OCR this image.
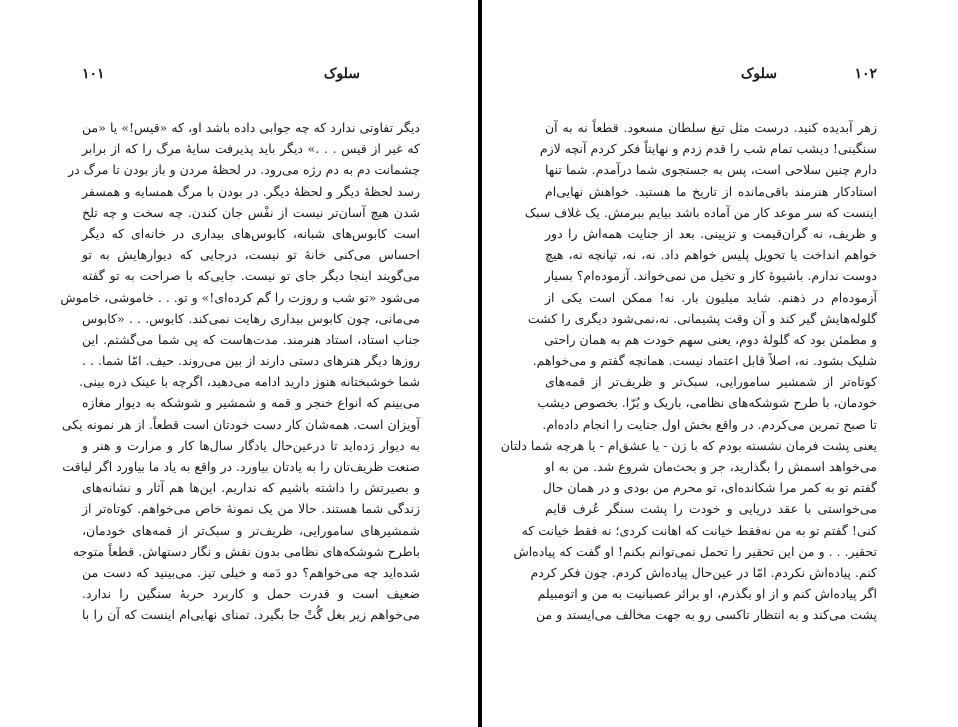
۱۰۱	سلوک
دیگر تفاوتی ندارد که چه جوابی داده باشد او، که «قیس!» یا «من
که غیر از قیس . . .» دیگر باید پذیرفت سایهٔ مرگ را که از برابر
چشمانت دم به دم رژه می‌رود. در لحظهٔ مردن و باز بودن تا مرگ در
رسد لحظهٔ دیگر و لحظهٔ دیگر. در بودن با مرگ همسایه و همسفر
شدن هیچ آسان‌تر نیست از نفْس جان کندن. چه سخت و چه تلخ
است کابوس‌های شبانه، کابوس‌های بیداری در خانه‌ای که دیگر
احساس می‌کنی خانهٔ تو نیست، درجایی که دیوارهایش به تو
می‌گویند اینجا دیگر جای تو نیست. جایی‌که با صراحت به تو گفته
می‌شود «تو شب و روزت را گم کرده‌ای!» و تو. . . خاموشی، خاموش
می‌مانی، چون کابوس بیداری رهایت نمی‌کند. کابوس. . . «کابوس
جناب استاد، استاد هنرمند. مدت‌هاست که پی شما می‌گشتم. این
روزها دیگر هنرهای دستی دارند از بین می‌روند. حیف. امّا شما. . .
شما خوشبختانه هنوز دارید ادامه می‌دهید، اگرچه با عینک ذره بینی.
می‌بینم که انواع خنجر و قمه و شمشیر و شوشکه به دیوار مغازه
آویزان است. همه‌شان کار دست خودتان است قطعاً. از هر نمونه یکی
به دیوار زده‌اید تا درعین‌حال یادگار سال‌ها کار و مرارت و هنر و
صنعت ظریف‌تان را به یادتان بیاورد. در واقع به یاد ما بیاورد اگر لیاقت
و بصیرتش را داشته باشیم که نداریم. این‌ها هم آثار و نشانه‌های
زندگی شما هستند. حالا من یک نمونهٔ خاص می‌خواهم. کوتاه‌تر از
شمشیرهای سامورایی، ظریف‌تر و سبک‌تر از قمه‌های خودمان،
باطرح شوشکه‌های نظامی بدون نقش و نگار دستهاش. قطعاً متوجه
شده‌اید چه می‌خواهم؟ دو دَمه و خیلی تیز. می‌بینید که دست من
ضعیف است و قدرت حمل و کاربرد حربهٔ سنگین را ندارد.
می‌خواهم زیر بغل گُتْ جا بگیرد. تمنای نهایی‌ام اینست که آن را با
۱۰۲
سلوک
زهر آبدیده کنید. درست مثل تیغ سلطان مسعود. قطعاً نه به آن
سنگینی! دیشب تمام شب را قدم زدم و نهایتاً فکر کردم آنچه لازم
دارم چنین سلاحی است، پس به جستجوی شما درآمدم. شما تنها
استادکار هنرمند باقی‌مانده از تاریخ ما هستید. خواهش نهایی‌ام
اینست که سر موعد کار من آماده باشد بیایم ببرمش. یک غلاف سبک
و ظریف، نه گران‌قیمت و تزیینی. بعد از جنایت همه‌اش را دور
خواهم انداخت یا تحویل پلیس خواهم داد. نه، نه، تپانچه نه، هیچ
دوست ندارم. باشیوهٔ کار و تخیل من نمی‌خواند. آزموده‌ام؟ بسیار
آزموده‌ام در ذهنم. شاید میلیون بار. نه! ممکن است یکی از
گلوله‌هایش گیر کند و آن وقت پشیمانی. نه،نمی‌شود دیگری را کشت
و مطمئن بود که گلولهٔ دوم، یعنی سهم خودت هم به همان راحتی
شلیک بشود. نه، اصلاً قابل اعتماد نیست. همانچه گفتم و می‌خواهم.
کوتاه‌تر از شمشیر سامورایی، سبک‌تر و ظریف‌تر از قمه‌های
خودمان، با طرح شوشکه‌های نظامی، باریک و بُرّا. بخصوص دیشب
تا صبح تمرین می‌کردم. در واقع بخش اول جنایت را انجام داده‌ام.
یعنی پشت فرمان نشسته بودم که با زن - یا عشق‌ام - یا هرچه شما دلتان
می‌خواهد اسمش را بگذارید، جر و بحث‌مان شروع شد. من به او
گفتم تو به کمر مرا شکانده‌ای، تو محرم من بودی و در همان حال
می‌خواستی با عقد دریایی و خودت را پشت سنگر عُرف قایم
کنی! گفتم تو به من نه‌فقط خیانت که اهانت کردی؛ نه فقط خیانت که
تحقیر. . . و من این تحقیر را تحمل نمی‌توانم بکنم! او گفت که پیاده‌اش
کنم. پیاده‌اش نکردم. امّا در عین‌حال پیاده‌اش کردم. چون فکر کردم
اگر پیاده‌اش کنم و از او بگذرم، او برائر عصبانیت به من و اتومبیلم
پشت می‌کند و به انتظار تاکسی رو به جهت مخالف می‌ایستد و من
